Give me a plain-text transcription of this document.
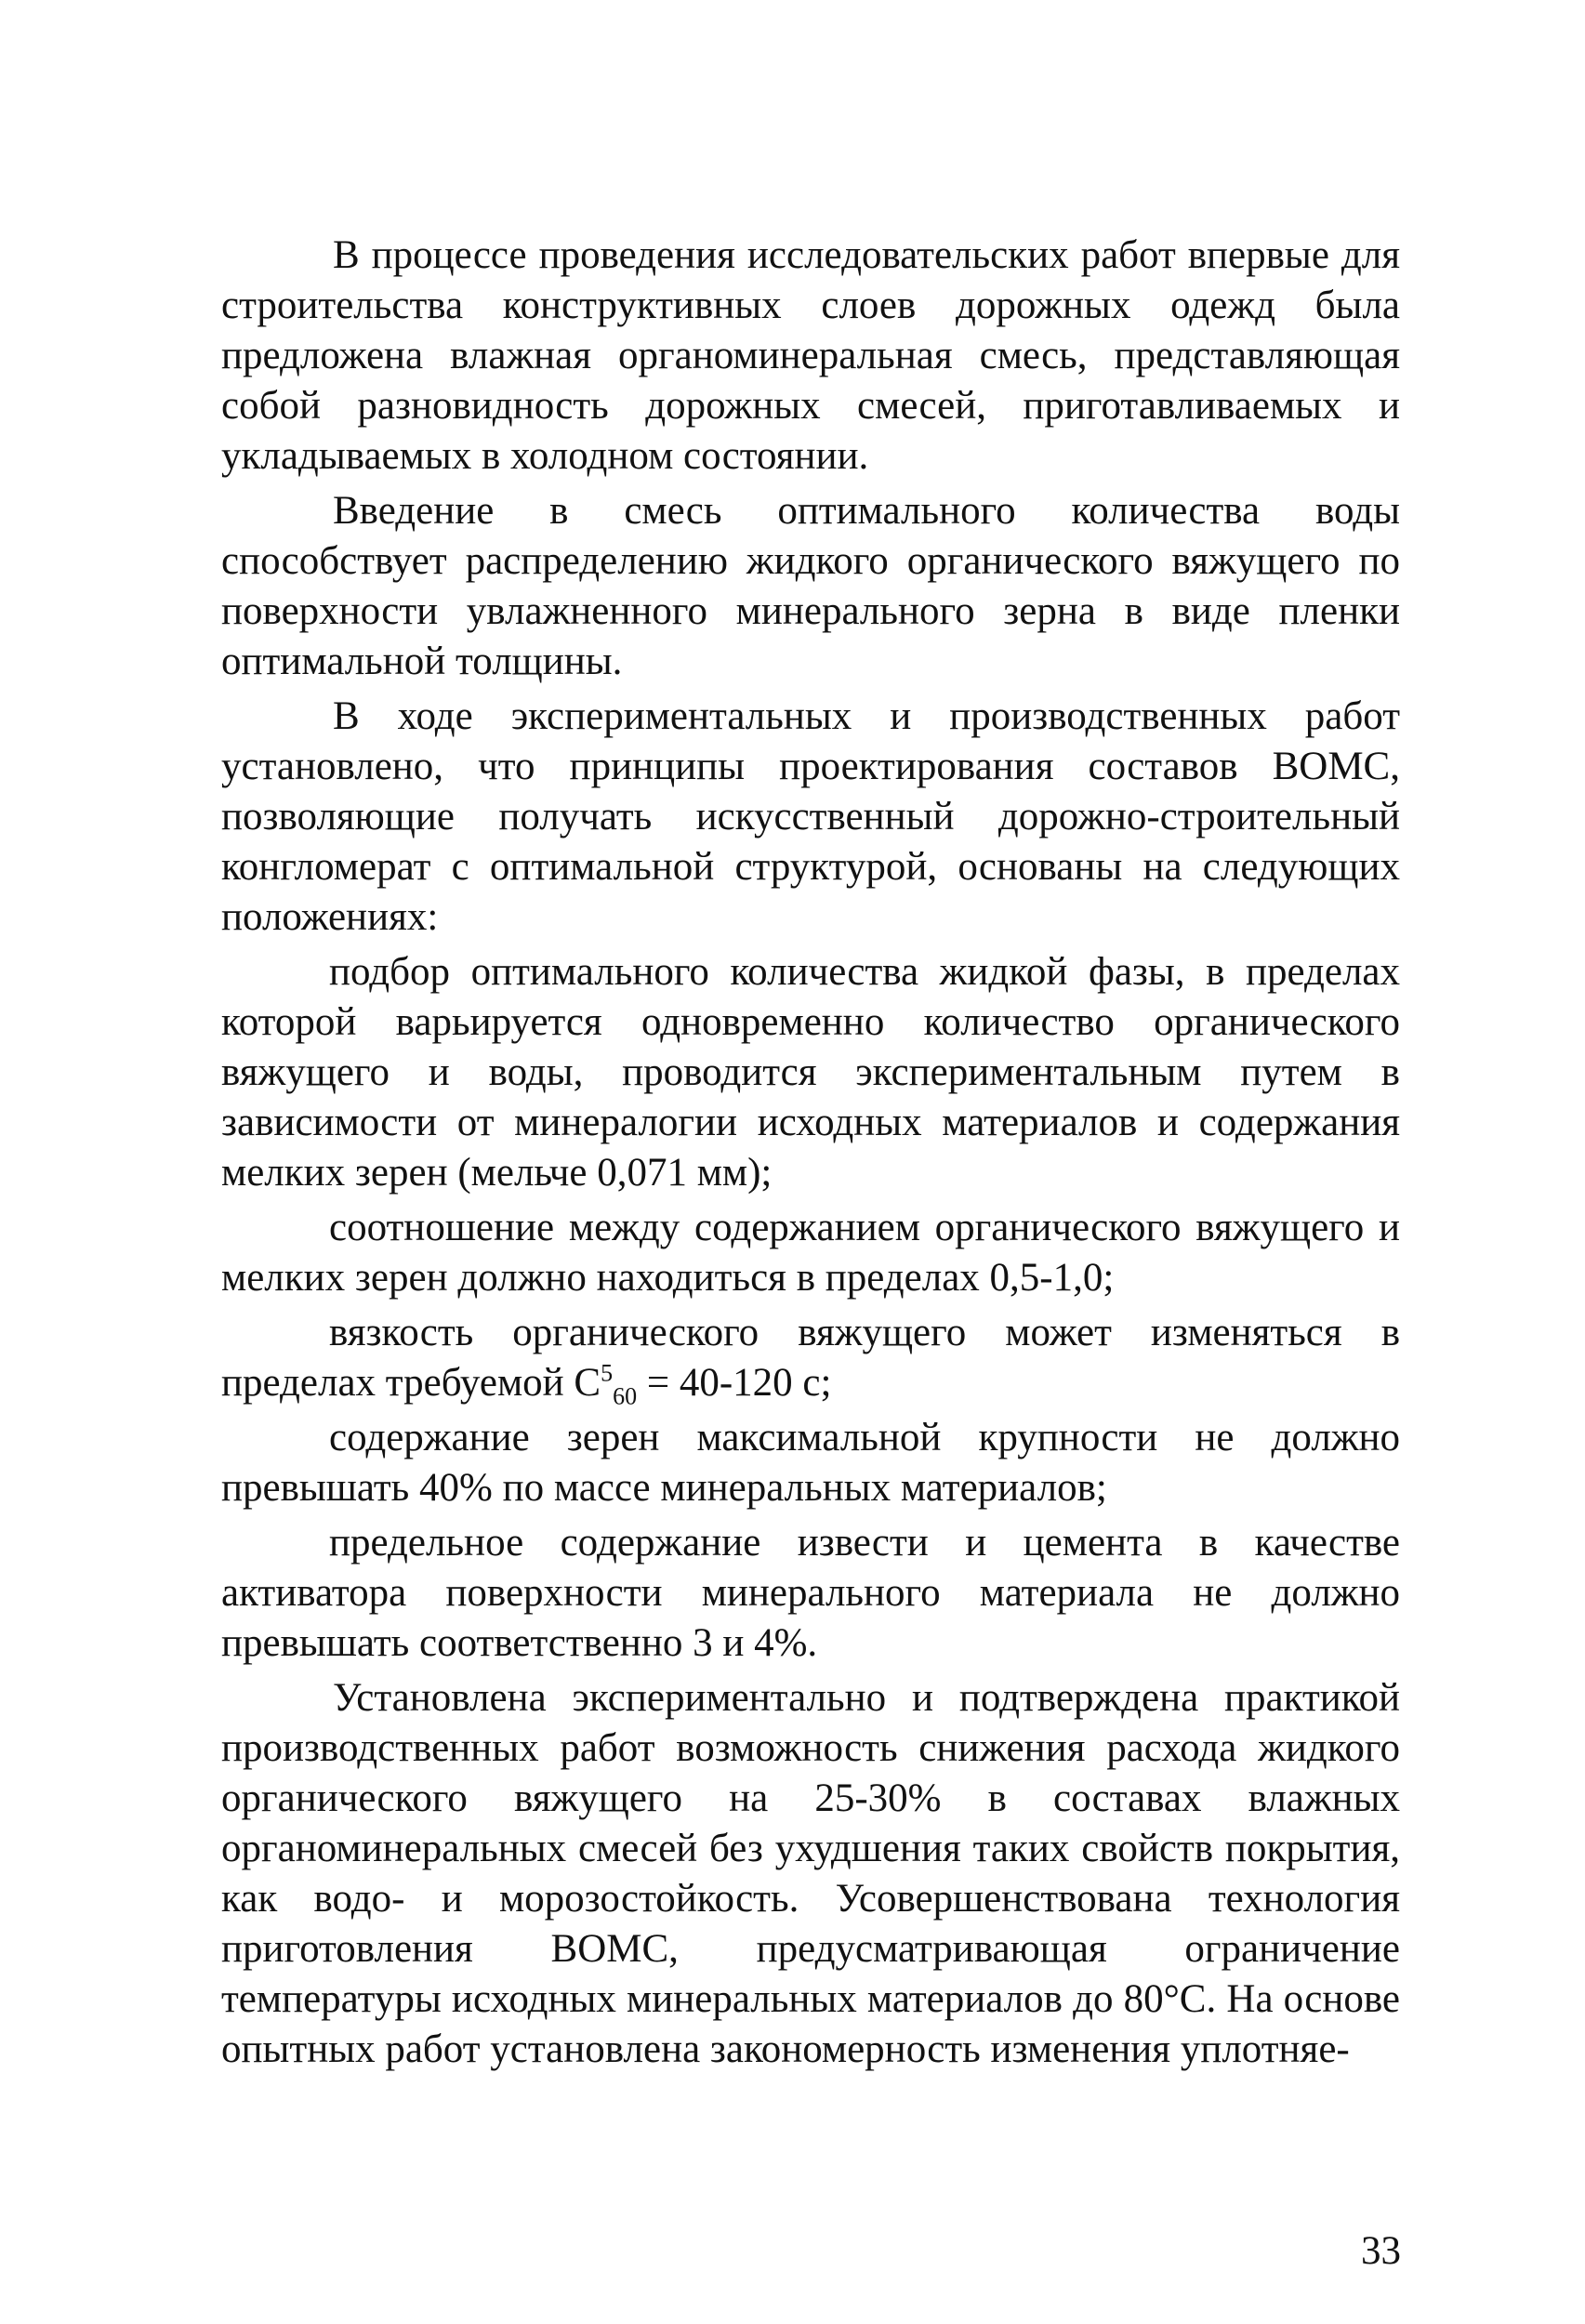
В процессе проведения исследовательских работ впервые для строительства конструктивных слоев дорожных одежд была предложена влажная органоминеральная смесь, представляющая собой разновидность дорожных смесей, приготавливаемых и укладываемых в холодном состоянии.

Введение в смесь оптимального количества воды способствует распределению жидкого органического вяжущего по поверхности увлажненного минерального зерна в виде пленки оптимальной толщины.

В ходе экспериментальных и производственных работ установлено, что принципы проектирования составов ВОМС, позволяющие получать искусственный дорожно-строительный конгломерат с оптимальной структурой, основаны на следующих положениях:

подбор оптимального количества жидкой фазы, в пределах которой варьируется одновременно количество органического вяжущего и воды, проводится экспериментальным путем в зависимости от минералогии исходных материалов и содержания мелких зерен (мельче 0,071 мм);

соотношение между содержанием органического вяжущего и мелких зерен должно находиться в пределах 0,5-1,0;

вязкость органического вяжущего может изменяться в пределах требуемой $С^5_{60} = 40-120$ с;

содержание зерен максимальной крупности не должно превышать 40% по массе минеральных материалов;

предельное содержание извести и цемента в качестве активатора поверхности минерального материала не должно превышать соответственно 3 и 4%.

Установлена экспериментально и подтверждена практикой производственных работ возможность снижения расхода жидкого органического вяжущего на 25-30% в составах влажных органоминеральных смесей без ухудшения таких свойств покрытия, как водо- и морозостойкость. Усовершенствована технология приготовления ВОМС, предусматривающая ограничение температуры исходных минеральных материалов до 80°С. На основе опытных работ установлена закономерность изменения уплотняе-

33
